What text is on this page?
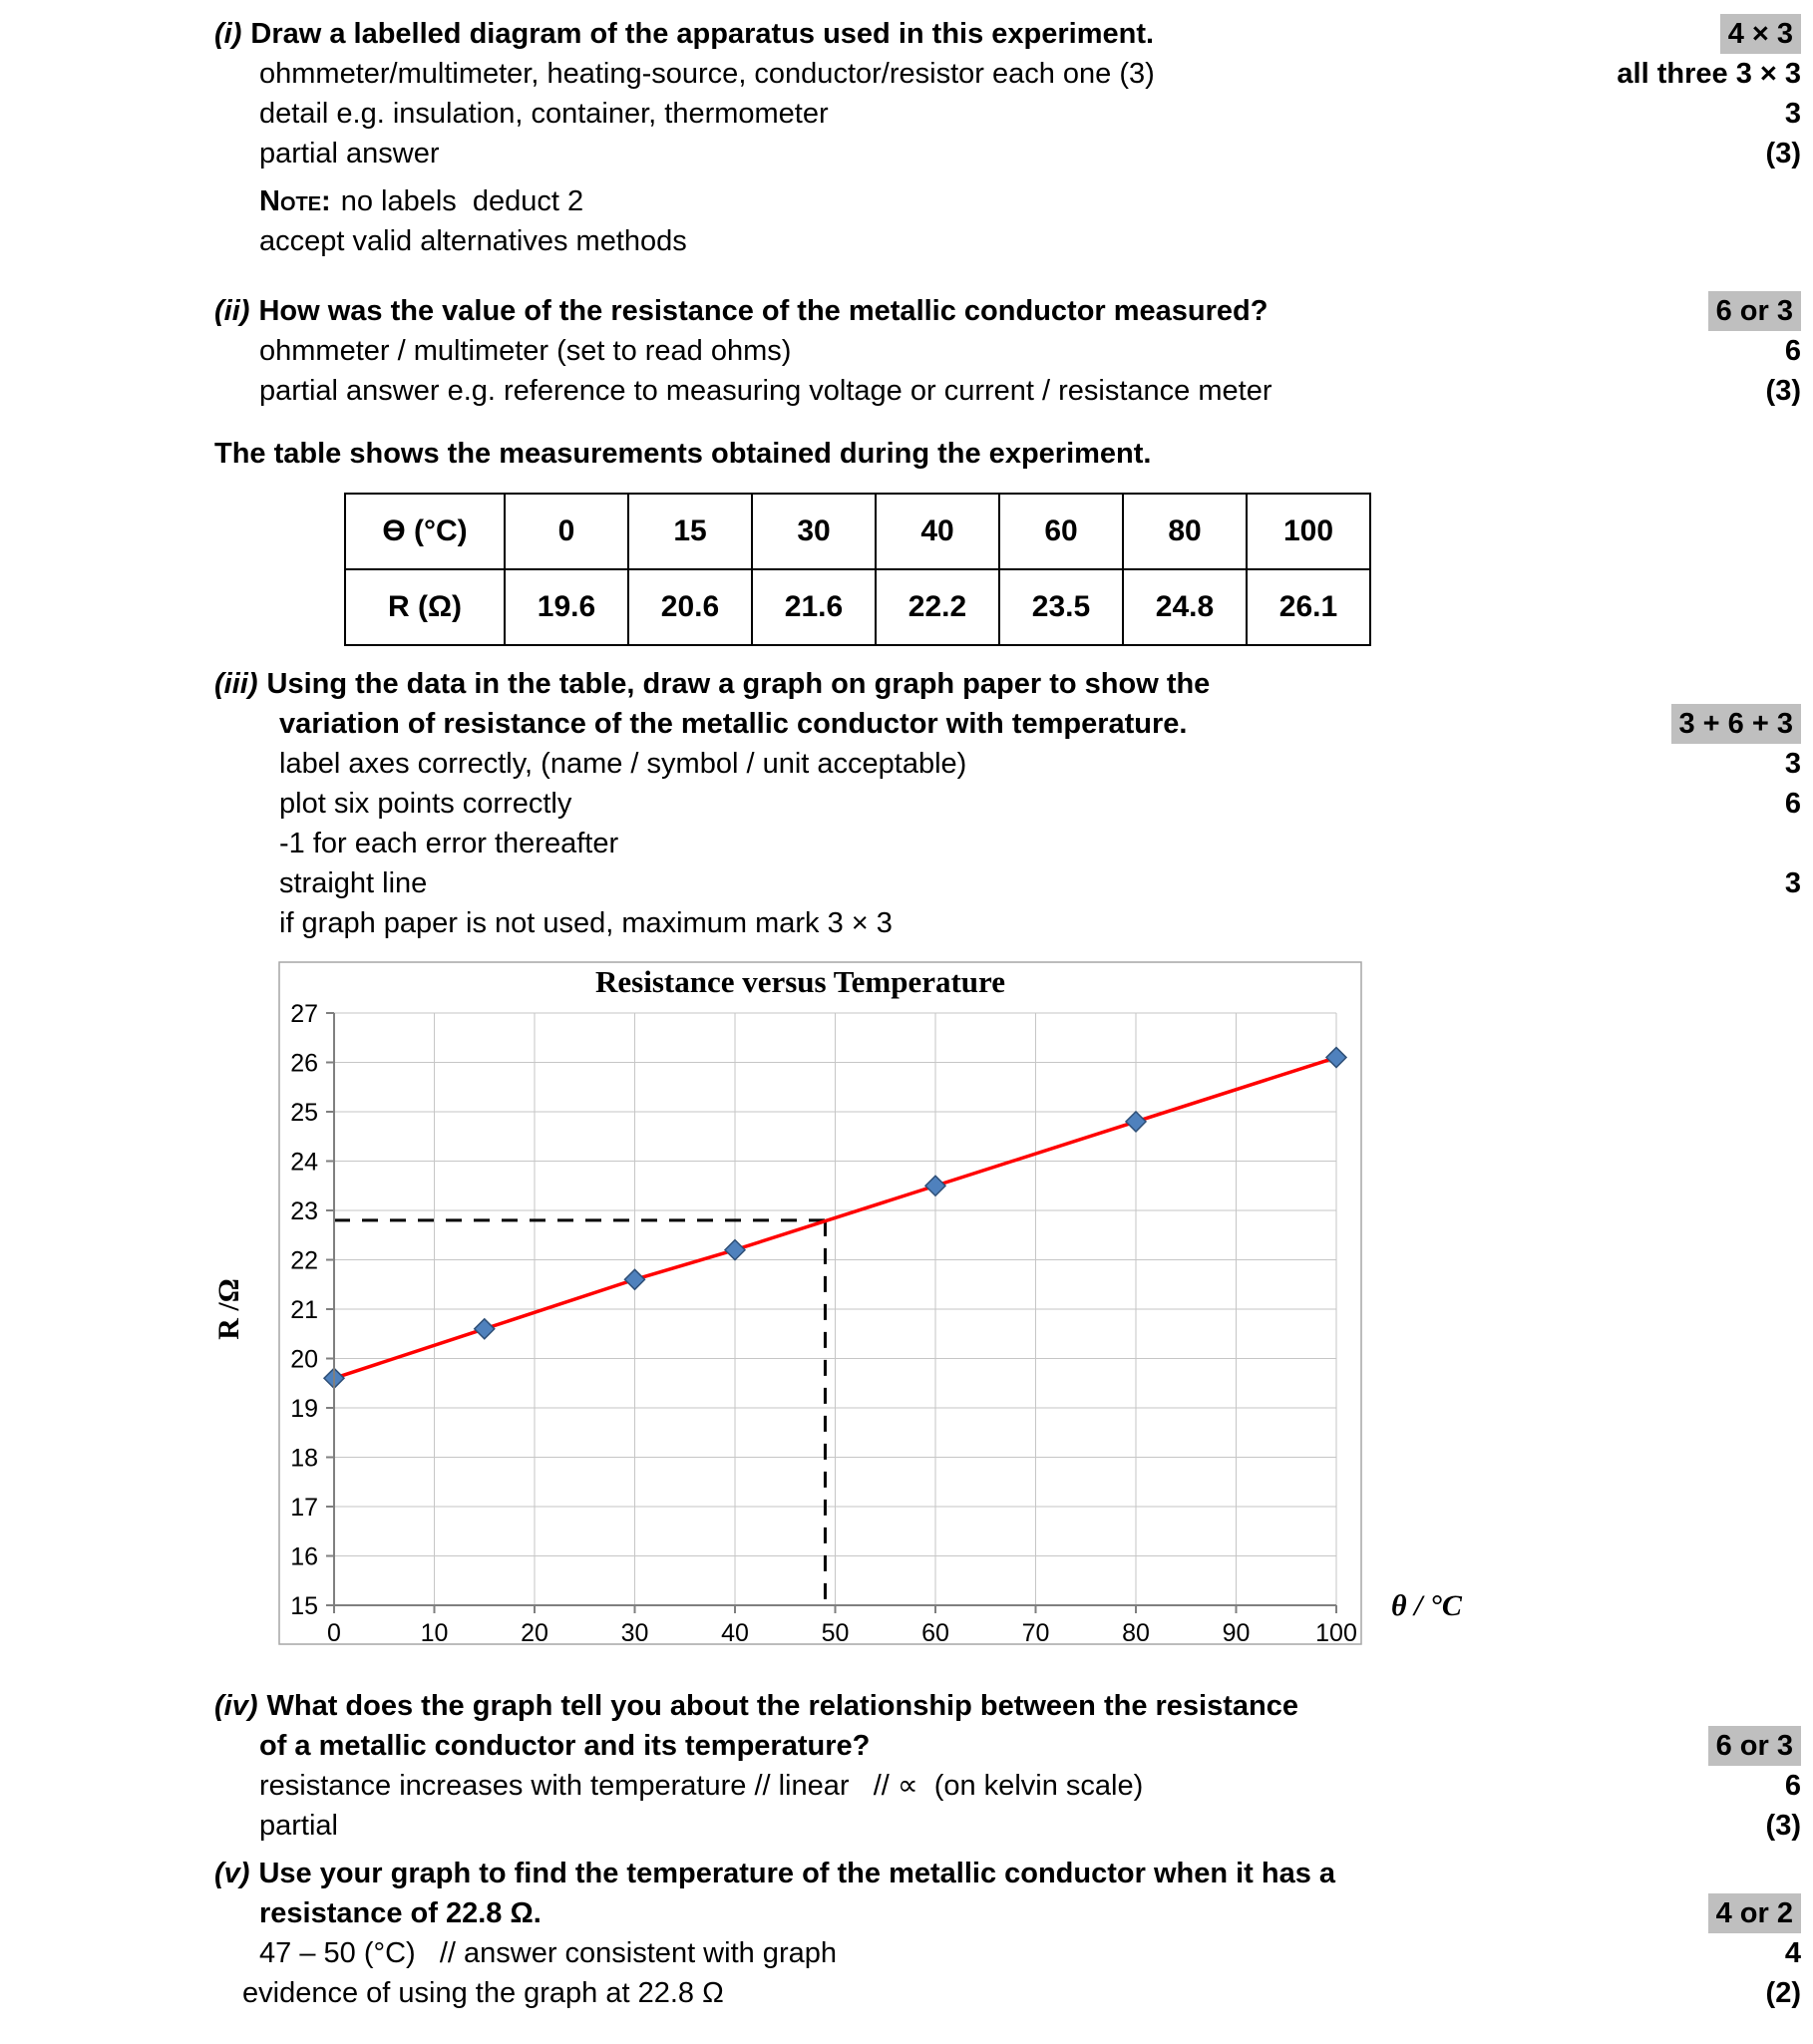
(i) Draw a labelled diagram of the apparatus used in this experiment.	4 × 3
ohmmeter/multimeter, heating-source, conductor/resistor each one (3)	all three 3 × 3
detail e.g. insulation, container, thermometer	3
partial answer	(3)
Note: no labels  deduct 2
accept valid alternatives methods
(ii) How was the value of the resistance of the metallic conductor measured?	6 or 3
ohmmeter / multimeter (set to read ohms)	6
partial answer e.g. reference to measuring voltage or current / resistance meter	(3)
The table shows the measurements obtained during the experiment.
Ө (°C)	0	15	30	40	60	80	100
R (Ω)	19.6	20.6	21.6	22.2	23.5	24.8	26.1
(iii) Using the data in the table, draw a graph on graph paper to show the
variation of resistance of the metallic conductor with temperature.	3 + 6 + 3
label axes correctly, (name / symbol / unit acceptable)	3
plot six points correctly	6
-1 for each error thereafter
straight line	3
if graph paper is not used, maximum mark 3 × 3
15
16
17
18
19
20
21
22
23
24
25
26
27
0	10	20	30	40	50	60	70	80	90	100
Resistance versus Temperature
R /Ω
θ / °C
(iv) What does the graph tell you about the relationship between the resistance
of a metallic conductor and its temperature?	6 or 3
resistance increases with temperature // linear   // ∝  (on kelvin scale)	6
partial	(3)
(v) Use your graph to find the temperature of the metallic conductor when it has a
resistance of 22.8 Ω.	4 or 2
47 – 50 (°C)   // answer consistent with graph	4
evidence of using the graph at 22.8 Ω	(2)
